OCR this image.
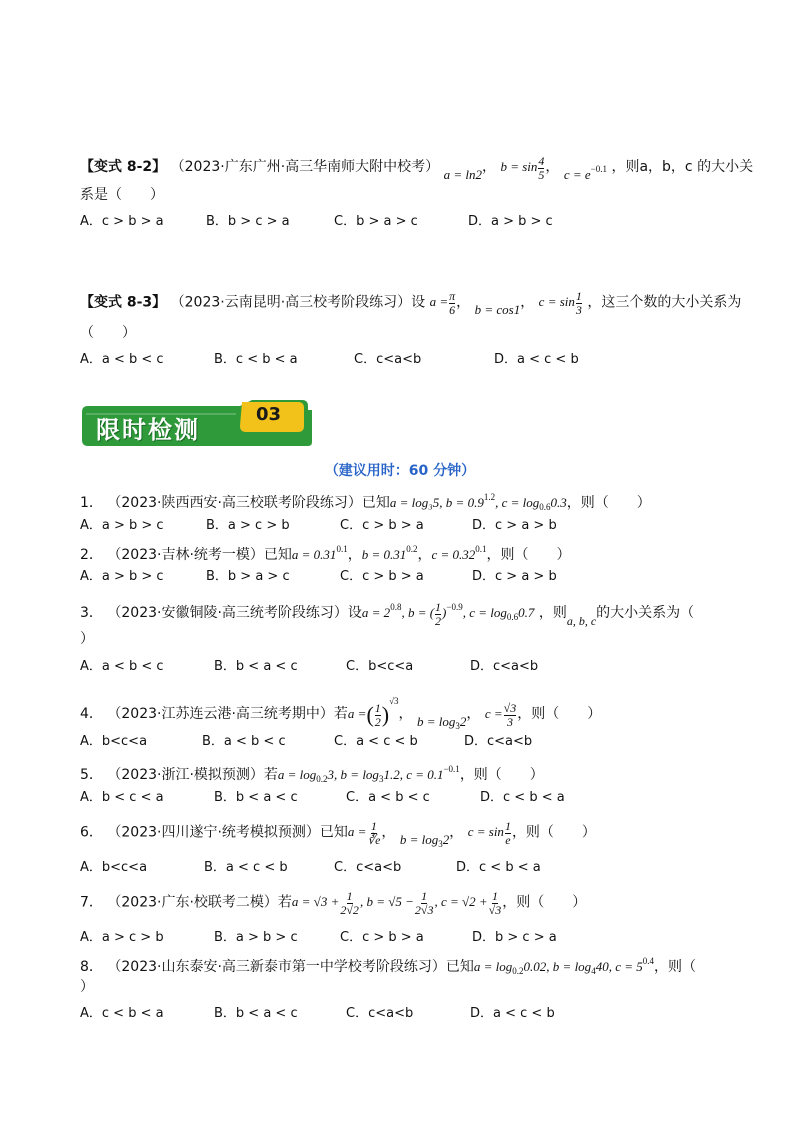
【变式 8-2】 （2023·广东广州·高三华南师大附中校考） a = ln2， $b = \sin \frac{4}{5}$ ， $c = e^{-0.1}$ ，则a，b，c 的大小关
系是（　　）
A．c > b > a	B．b > c > a	C．b > a > c	D．a > b > c
【变式 8-3】 （2023·云南昆明·高三校考阶段练习）设 $a = \frac{\pi}{6}$ ， b = cos1， $c = \sin \frac{1}{3}$ ，这三个数的大小关系为
（　　）
A．a < b < c	B．c < b < a	C．c<a<b	D．a < c < b
限时检测
03
（建议用时：60 分钟）
1． （2023·陕西西安·高三校联考阶段练习）已知a = log₃5, $b = 0.9^{1.2}$, $c = \log_{0.6}0.3$，则（　　）
A．a > b > c	B．a > c > b	C．c > b > a	D．c > a > b
2． （2023·吉林·统考一模）已知$a = 0.31^{0.1}$，$b = 0.31^{0.2}$，$c = 0.32^{0.1}$，则（　　）
A．a > b > c	B．b > a > c	C．c > b > a	D．c > a > b
3． （2023·安徽铜陵·高三统考阶段练习）设$a = 2^{0.8}$, b = ( $\frac{1}{2} )^{-0.9}$, $c = \log_{0.6}0.7$ ，则a, b, c的大小关系为（
）
A．a < b < c	B．b < a < c	C．b<c<a	D．c<a<b
4． （2023·江苏连云港·高三统考期中）若a =( $\frac{1}{2} )^{√3}$， $b = \log_32$， $c = \frac{√3}{3}$ ，则（　　）
A．b<c<a	B．a < b < c	C．a < c < b	D．c<a<b
5． （2023·浙江·模拟预测）若$a = \log_{0.2}3$, $b = \log_31.2$, $c = 0.1^{-0.1}$，则（　　）
A．b < c < a	B．b < a < c	C．a < b < c	D．c < b < a
6． （2023·四川遂宁·统考模拟预测）已知$a = \frac{1}{∛e}$ ， $b = \log_32$， $c = \sin \frac{1}{e}$ ，则（　　）
A．b<c<a	B．a < c < b	C．c<a<b	D．c < b < a
7． （2023·广东·校联考二模）若$a = √3 + \frac{1}{2√2}$ , $b = √5 - \frac{1}{2√3}$ , $c = √2 + \frac{1}{√3}$ ，则（　　）
A．a > c > b	B．a > b > c	C．c > b > a	D．b > c > a
8． （2023·山东泰安·高三新泰市第一中学校考阶段练习）已知$a = \log_{0.2}0.02$, $b = \log_440$, $c = 5^{0.4}$，则（
）
A．c < b < a	B．b < a < c	C．c<a<b	D．a < c < b
